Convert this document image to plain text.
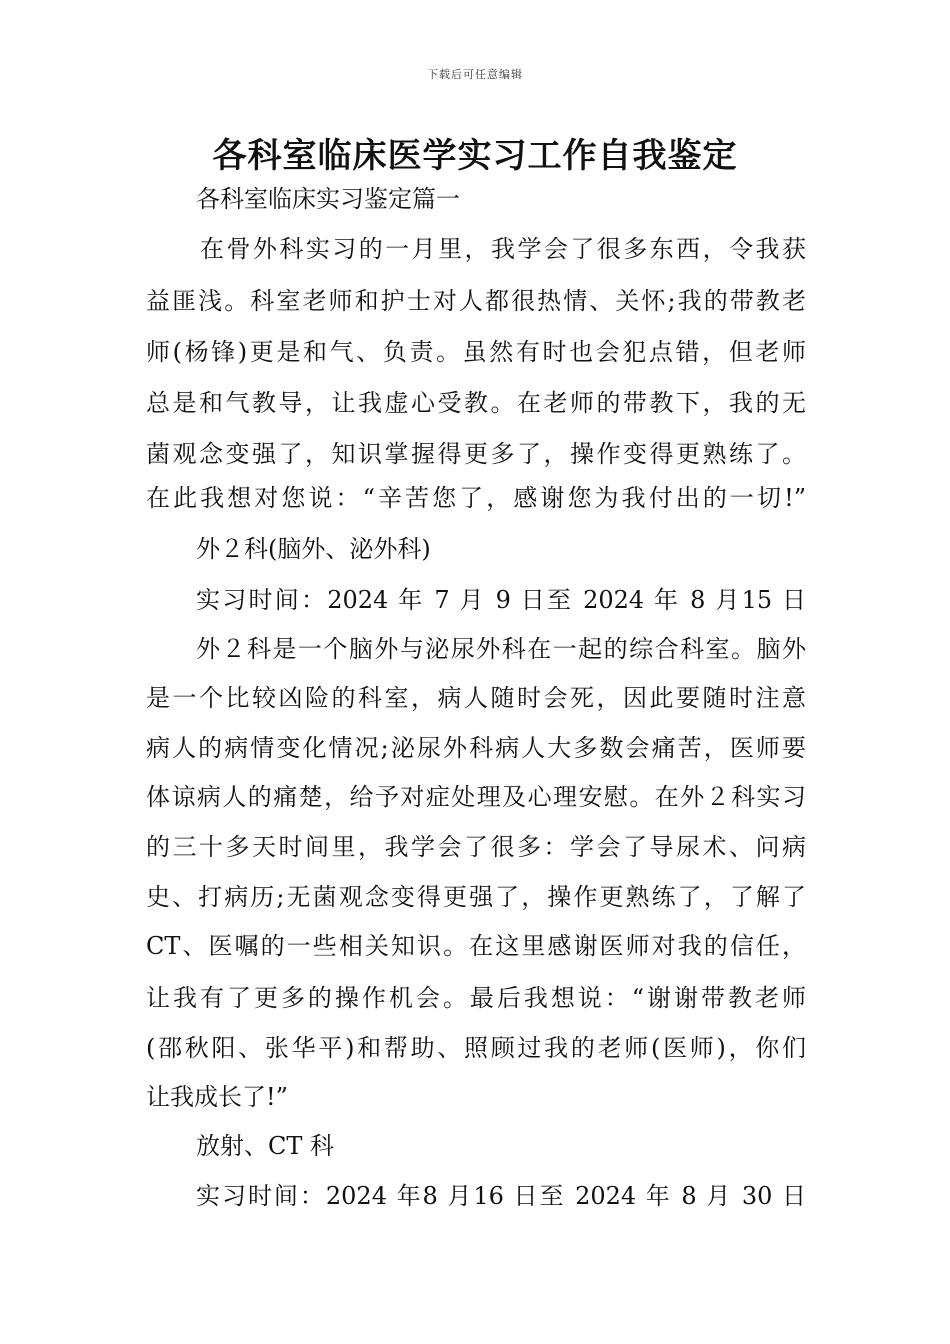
下载后可任意编辑
各科室临床医学实习工作自我鉴定
各科室临床实习鉴定篇一
在骨外科实习的一月里，我学会了很多东西，令我获
益匪浅。科室老师和护士对人都很热情、关怀;我的带教老
师(杨锋)更是和气、负责。虽然有时也会犯点错，但老师
总是和气教导，让我虚心受教。在老师的带教下，我的无
菌观念变强了，知识掌握得更多了，操作变得更熟练了。
在此我想对您说：“辛苦您了，感谢您为我付出的一切!”
外２科(脑外、泌外科)
实习时间：2024 年 7 月 9 日至 2024 年 8 月15 日
外２科是一个脑外与泌尿外科在一起的综合科室。脑外
是一个比较凶险的科室，病人随时会死，因此要随时注意
病人的病情变化情况;泌尿外科病人大多数会痛苦，医师要
体谅病人的痛楚，给予对症处理及心理安慰。在外２科实习
的三十多天时间里，我学会了很多：学会了导尿术、问病
史、打病历;无菌观念变得更强了，操作更熟练了，了解了
CT、医嘱的一些相关知识。在这里感谢医师对我的信任，
让我有了更多的操作机会。最后我想说：“谢谢带教老师
(邵秋阳、张华平)和帮助、照顾过我的老师(医师)，你们
让我成长了!”
放射、CT 科
实习时间：2024 年8 月16 日至 2024 年 8 月 30 日
